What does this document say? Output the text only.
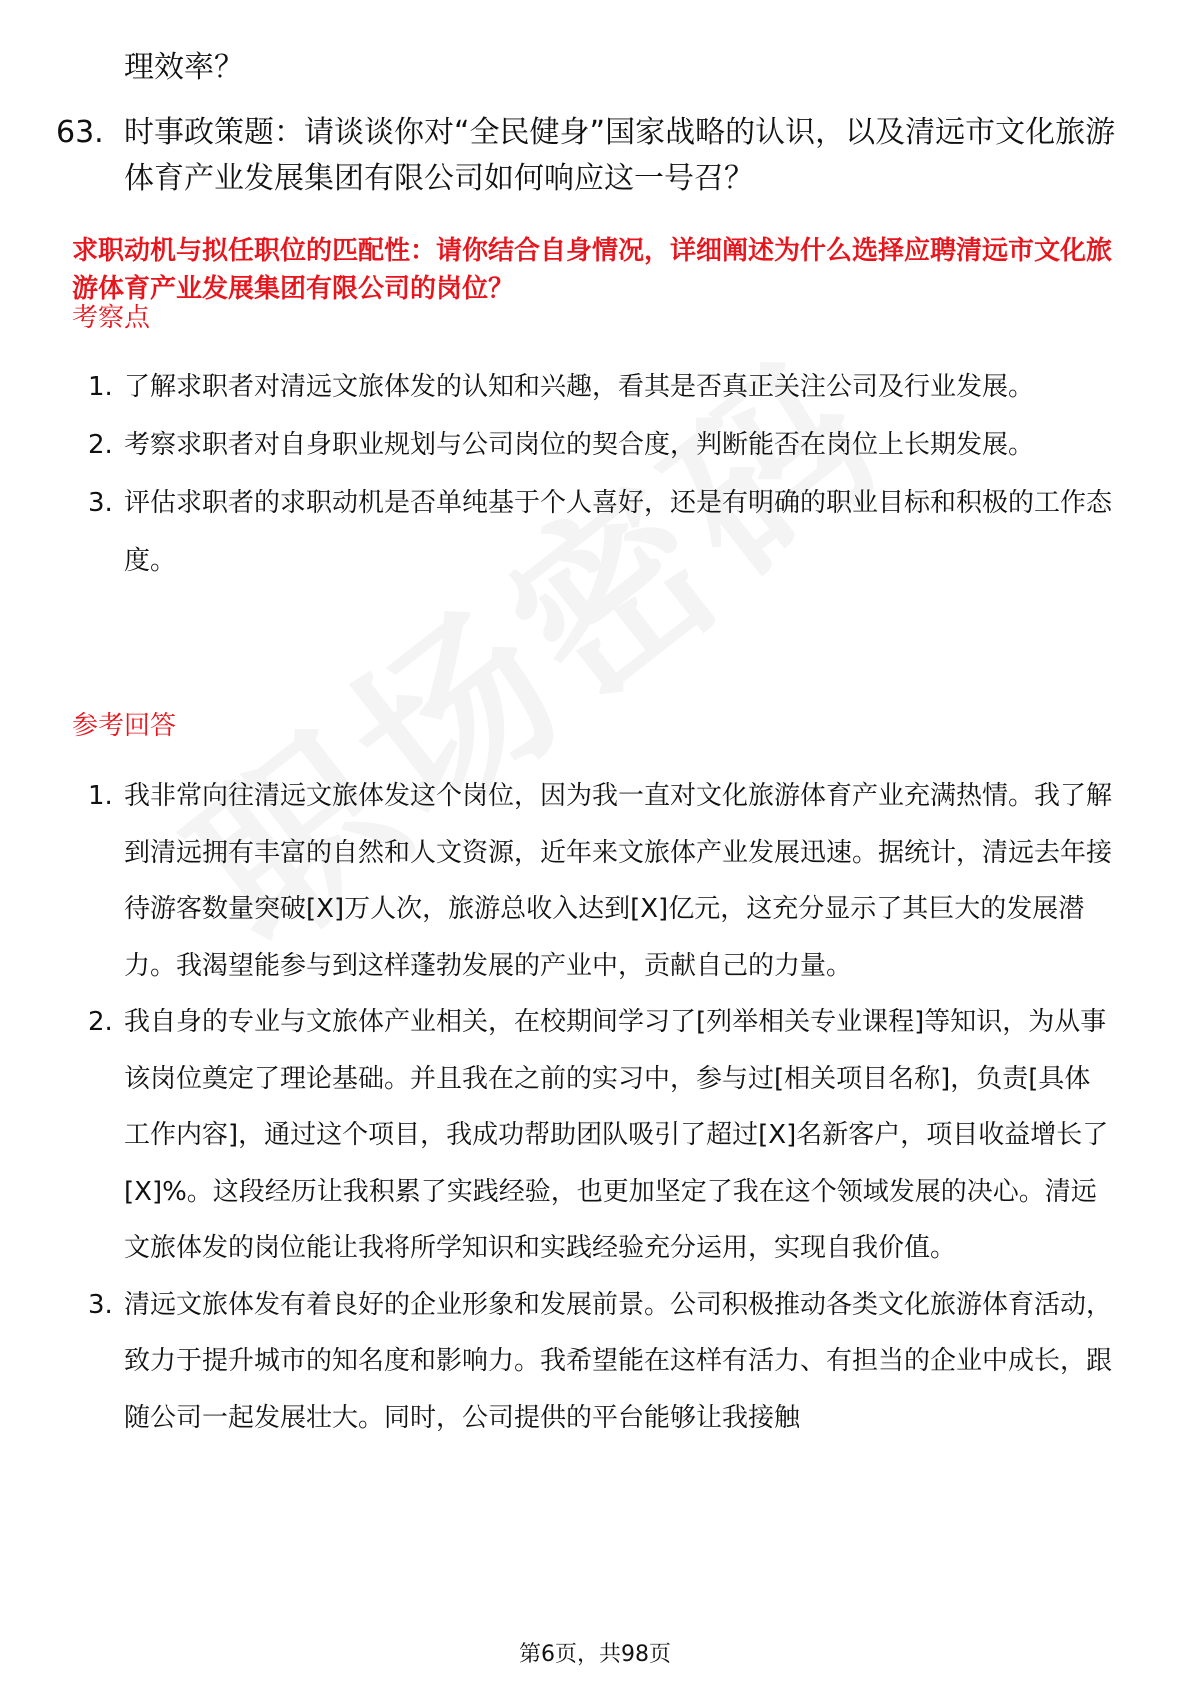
理效率？
63. 时事政策题：请谈谈你对“全民健身”国家战略的认识，以及清远市文化旅游体育产业发展集团有限公司如何响应这一号召？
求职动机与拟任职位的匹配性：请你结合自身情况，详细阐述为什么选择应聘清远市文化旅游体育产业发展集团有限公司的岗位？
考察点
1. 了解求职者对清远文旅体发的认知和兴趣，看其是否真正关注公司及行业发展。
2. 考察求职者对自身职业规划与公司岗位的契合度，判断能否在岗位上长期发展。
3. 评估求职者的求职动机是否单纯基于个人喜好，还是有明确的职业目标和积极的工作态度。
参考回答
1. 我非常向往清远文旅体发这个岗位，因为我一直对文化旅游体育产业充满热情。我了解到清远拥有丰富的自然和人文资源，近年来文旅体产业发展迅速。据统计，清远去年接待游客数量突破[X]万人次，旅游总收入达到[X]亿元，这充分显示了其巨大的发展潜力。我渴望能参与到这样蓬勃发展的产业中，贡献自己的力量。
2. 我自身的专业与文旅体产业相关，在校期间学习了[列举相关专业课程]等知识，为从事该岗位奠定了理论基础。并且我在之前的实习中，参与过[相关项目名称]，负责[具体工作内容]，通过这个项目，我成功帮助团队吸引了超过[X]名新客户，项目收益增长了[X]%。这段经历让我积累了实践经验，也更加坚定了我在这个领域发展的决心。清远文旅体发的岗位能让我将所学知识和实践经验充分运用，实现自我价值。
3. 清远文旅体发有着良好的企业形象和发展前景。公司积极推动各类文化旅游体育活动，致力于提升城市的知名度和影响力。我希望能在这样有活力、有担当的企业中成长，跟随公司一起发展壮大。同时，公司提供的平台能够让我接触
第6页，共98页
